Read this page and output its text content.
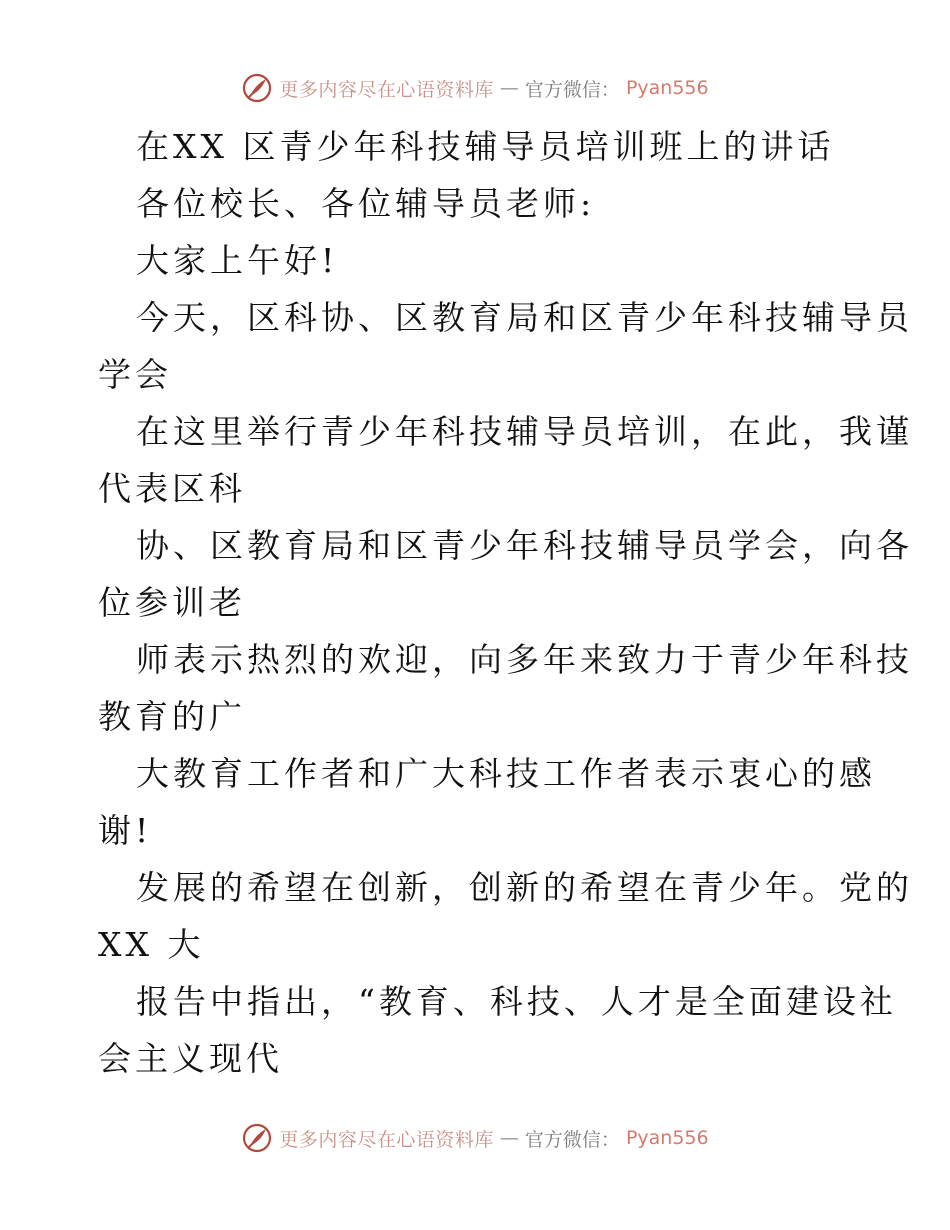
更多内容尽在心语资料库 — 官方微信： Pyan556
在XX 区青少年科技辅导员培训班上的讲话
各位校长、各位辅导员老师:
大家上午好!
今天，区科协、区教育局和区青少年科技辅导员
学会
在这里举行青少年科技辅导员培训，在此，我谨
代表区科
协、区教育局和区青少年科技辅导员学会，向各
位参训老
师表示热烈的欢迎，向多年来致力于青少年科技
教育的广
大教育工作者和广大科技工作者表示衷心的感
谢!
发展的希望在创新，创新的希望在青少年。党的
XX 大
报告中指出，“教育、科技、人才是全面建设社
会主义现代
更多内容尽在心语资料库 — 官方微信： Pyan556
